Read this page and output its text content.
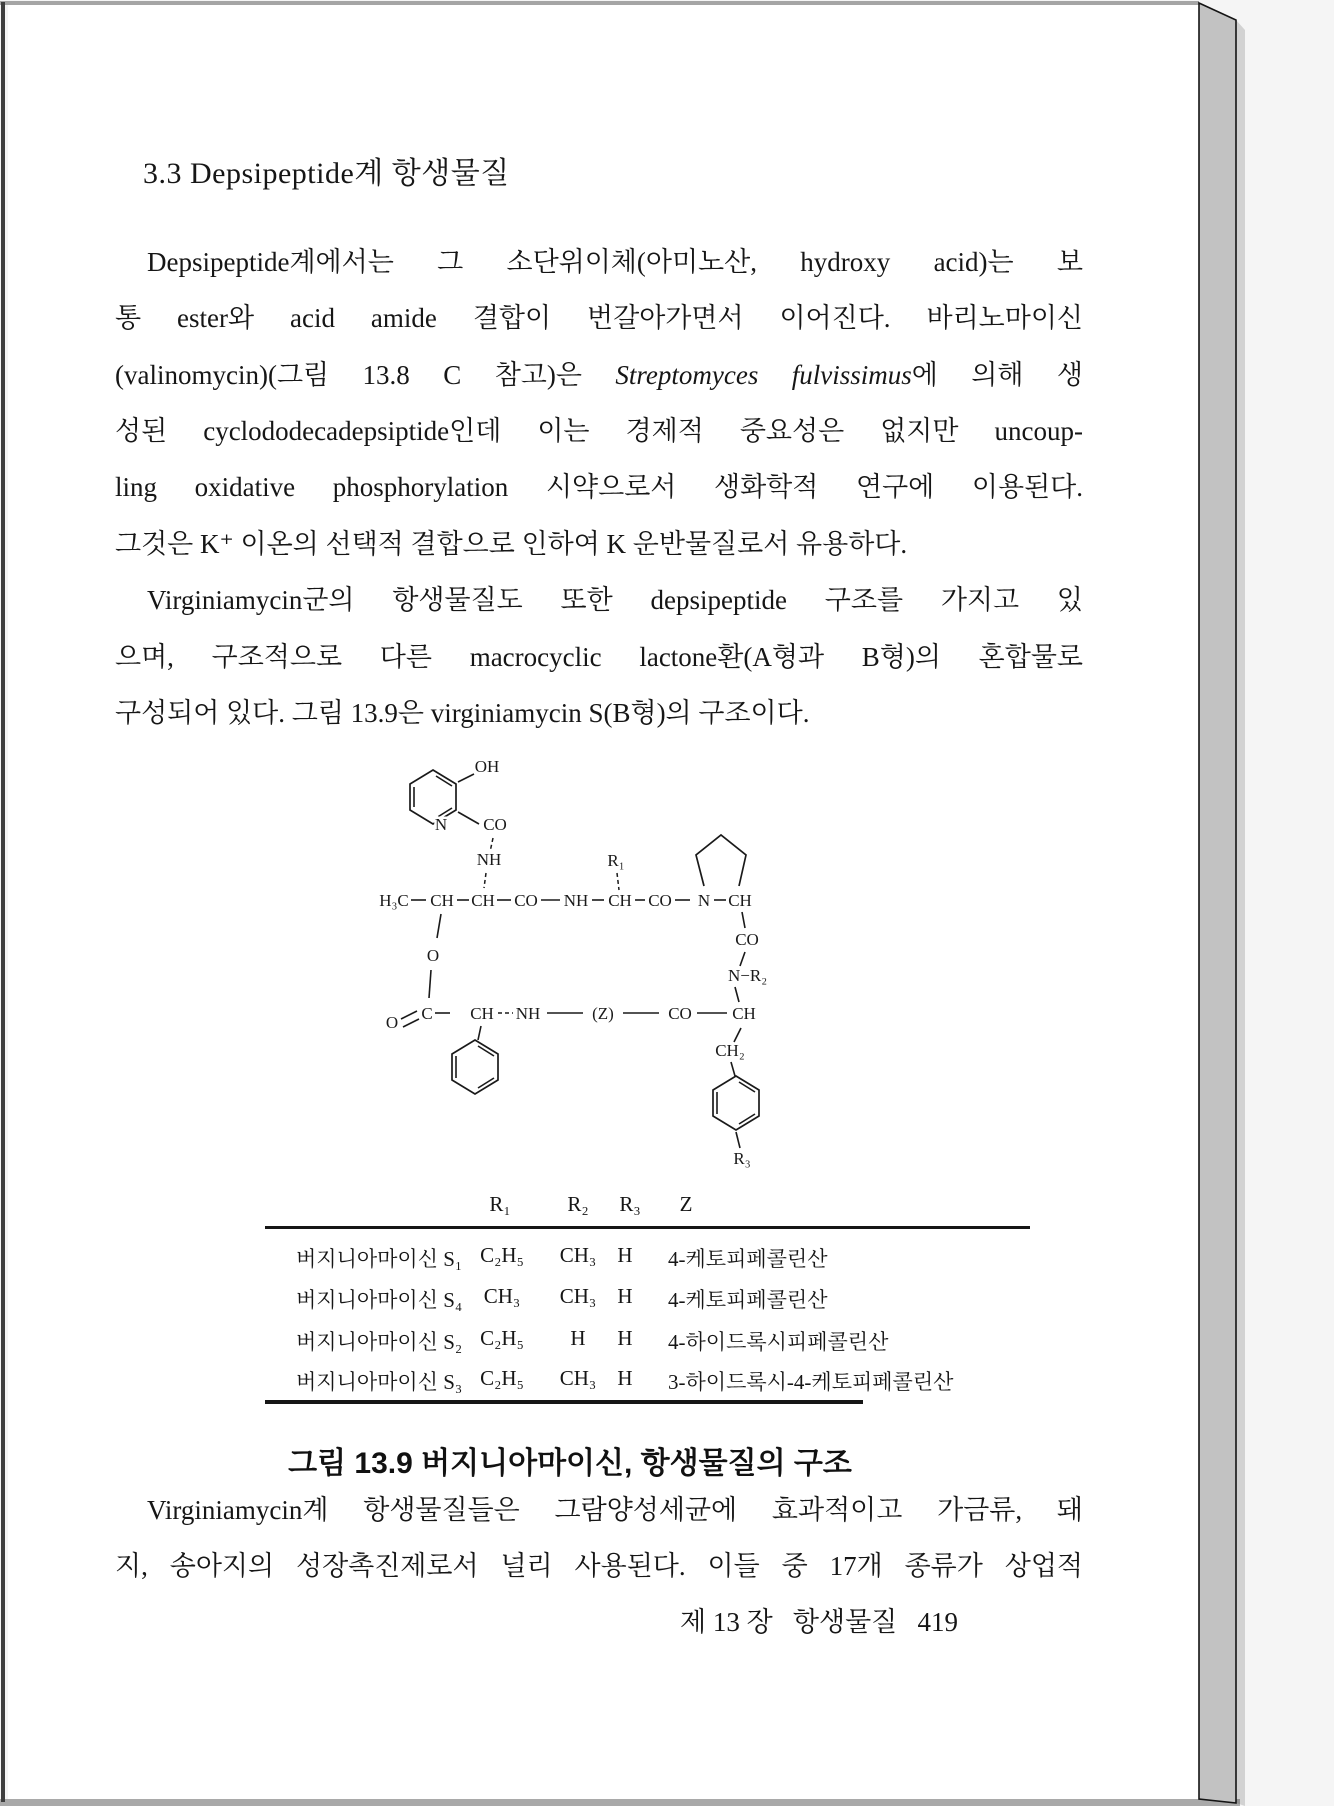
3.3 Depsipeptide계 항생물질
Depsipeptide계에서는 그 소단위이체(아미노산, hydroxy acid)는 보
통 ester와 acid amide 결합이 번갈아가면서 이어진다. 바리노마이신
(valinomycin)(그림 13.8 C 참고)은 Streptomyces fulvissimus에 의해 생
성된 cyclododecadepsiptide인데 이는 경제적 중요성은 없지만 uncoup-
ling oxidative phosphorylation 시약으로서 생화학적 연구에 이용된다.
그것은 K⁺ 이온의 선택적 결합으로 인하여 K 운반물질로서 유용하다.
Virginiamycin군의 항생물질도 또한 depsipeptide 구조를 가지고 있
으며, 구조적으로 다른 macrocyclic lactone환(A형과 B형)의 혼합물로
구성되어 있다. 그림 13.9은 virginiamycin S(B형)의 구조이다.
N
OH
CO
NH
H₃C CH CH CO NH CH CO N CH
R₁
CO
N−R₂
O
O C CH NH	(Z)	CO CH
CH₂
R₃
R₁	R₂ R₃ Z
버지니아마이신 S₁ C₂H₅ CH₃ H 4-케토피페콜린산
버지니아마이신 S₄ CH₃ CH₃ H 4-케토피페콜린산
버지니아마이신 S₂ C₂H₅ H H 4-하이드록시피페콜린산
버지니아마이신 S₃ C₂H₅ CH₃ H 3-하이드록시-4-케토피페콜린산
그림 13.9 버지니아마이신, 항생물질의 구조
Virginiamycin계 항생물질들은 그람양성세균에 효과적이고 가금류, 돼
지, 송아지의 성장촉진제로서 널리 사용된다. 이들 중 17개 종류가 상업적
제 13 장   항생물질   419
